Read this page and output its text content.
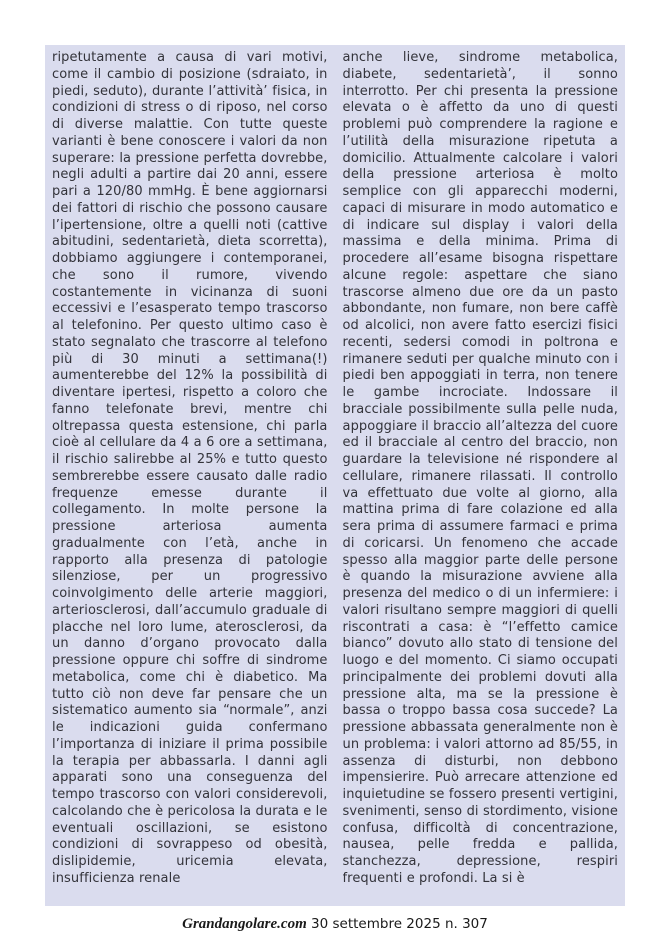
ripetutamente a causa di vari motivi, come il cambio di posizione (sdraiato, in piedi, seduto), durante l’attività’ fisica, in condizioni di stress o di riposo, nel corso di diverse malattie. Con tutte queste varianti è bene conoscere i valori da non superare: la pressione perfetta dovrebbe, negli adulti a partire dai 20 anni, essere pari a 120/80 mmHg. È bene aggiornarsi dei fattori di rischio che possono causare l’ipertensione, oltre a quelli noti (cattive abitudini, sedentarietà, dieta scorretta), dobbiamo aggiungere i contemporanei, che sono il rumore, vivendo costantemente in vicinanza di suoni eccessivi e l’esasperato tempo trascorso al telefonino. Per questo ultimo caso è stato segnalato che trascorre al telefono più di 30 minuti a settimana(!) aumenterebbe del 12% la possibilità di diventare ipertesi, rispetto a coloro che fanno telefonate brevi, mentre chi oltrepassa questa estensione, chi parla cioè al cellulare da 4 a 6 ore a settimana, il rischio salirebbe al 25% e tutto questo sembrerebbe essere causato dalle radio frequenze emesse durante il collegamento. In molte persone la pressione arteriosa aumenta gradualmente con l’età, anche in rapporto alla presenza di patologie silenziose, per un progressivo coinvolgimento delle arterie maggiori, arteriosclerosi, dall’accumulo graduale di placche nel loro lume, aterosclerosi, da un danno d’organo provocato dalla pressione oppure chi soffre di sindrome metabolica, come chi è diabetico. Ma tutto ciò non deve far pensare che un sistematico aumento sia “normale”, anzi le indicazioni guida confermano l’importanza di iniziare il prima possibile la terapia per abbassarla. I danni agli apparati sono una conseguenza del tempo trascorso con valori considerevoli, calcolando che è pericolosa la durata e le eventuali oscillazioni, se esistono condizioni di sovrappeso od obesità, dislipidemie, uricemia elevata, insufficienza renale
anche lieve, sindrome metabolica, diabete, sedentarietà’, il sonno interrotto. Per chi presenta la pressione elevata o è affetto da uno di questi problemi può comprendere la ragione e l’utilità della misurazione ripetuta a domicilio. Attualmente calcolare i valori della pressione arteriosa è molto semplice con gli apparecchi moderni, capaci di misurare in modo automatico e di indicare sul display i valori della massima e della minima. Prima di procedere all’esame bisogna rispettare alcune regole: aspettare che siano trascorse almeno due ore da un pasto abbondante, non fumare, non bere caffè od alcolici, non avere fatto esercizi fisici recenti, sedersi comodi in poltrona e rimanere seduti per qualche minuto con i piedi ben appoggiati in terra, non tenere le gambe incrociate. Indossare il bracciale possibilmente sulla pelle nuda, appoggiare il braccio all’altezza del cuore ed il bracciale al centro del braccio, non guardare la televisione né rispondere al cellulare, rimanere rilassati. Il controllo va effettuato due volte al giorno, alla mattina prima di fare colazione ed alla sera prima di assumere farmaci e prima di coricarsi. Un fenomeno che accade spesso alla maggior parte delle persone è quando la misurazione avviene alla presenza del medico o di un infermiere: i valori risultano sempre maggiori di quelli riscontrati a casa: è “l’effetto camice bianco” dovuto allo stato di tensione del luogo e del momento. Ci siamo occupati principalmente dei problemi dovuti alla pressione alta, ma se la pressione è bassa o troppo bassa cosa succede? La pressione abbassata generalmente non è un problema: i valori attorno ad 85/55, in assenza di disturbi, non debbono impensierire. Può arrecare attenzione ed inquietudine se fossero presenti vertigini, svenimenti, senso di stordimento, visione confusa, difficoltà di concentrazione, nausea, pelle fredda e pallida, stanchezza, depressione, respiri frequenti e profondi. La si è
Grandangolare.com 30 settembre 2025 n. 307
